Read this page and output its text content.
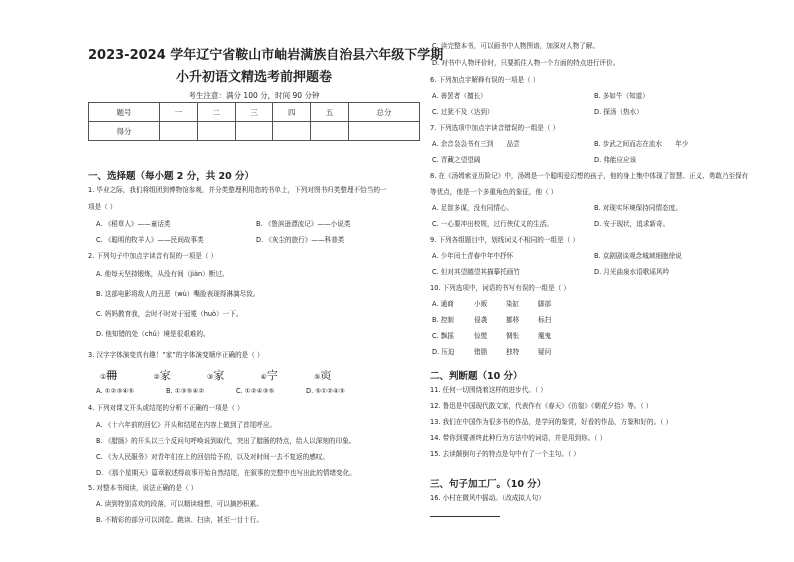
2023-2024 学年辽宁省鞍山市岫岩满族自治县六年级下学期
小升初语文精选考前押题卷
考生注意：满分 100 分，时间 90 分钟
题号	一	二	三	四	五	总分
得分						
一、选择题（每小题 2 分，共 20 分）
1. 毕业之际，我们将组团到博物馆参观，并分类整理利用您的书单上，下列对图书归类整理不恰当的一
项是（ ）
A. 《稻草人》——童话类	B. 《鲁滨逊漂流记》——小说类
C. 《聪明的牧羊人》——民间故事类	D. 《灰尘的旅行》——科普类
2. 下列句子中加点字读音有误的一项是（ ）
A. 他每天坚持锻炼，从没有间（jiàn）断过。
B. 这部电影将敌人的丑恶（wù）嘴脸表现得淋漓尽致。
C. 妈妈教育我，会时不时对于冠冕（huò）一下。
D. 他知错的处（chǔ）境是很艰难的。
3. 汉字字体演变真有趣！“家”的字体演变顺序正确的是（ ）
①𠕋	②家	③家	④𡧃	⑤𡩟
A. ①②③④⑤	B. ①③⑤④②	C. ①②④③⑤	D. ⑤①②④③
4. 下列对课文开头或结尾的分析不正确的一项是（ ）
A. 《十六年前的回忆》开头和结尾在内容上做到了首尾呼应。
B. 《腊肠》的开头以三个反问句呼唤说到取代，突出了腊肠的特点，给人以深刻的印象。
C. 《为人民服务》对青年们在上的回信给予的，以及对时间一去不复返的感叹。
D. 《那个星期天》篇章叙述得故事开始自然结尾，在叙事的完整中也写出此的情绪变化。
5. 对整本书阅读，说法正确的是（ ）
A. 读到特别喜欢的段落，可以精读细想，可以摘抄积累。
B. 不精彩的部分可以浏览、跳读、扫读，甚至一目十行。
C. 读完整本书，可以画书中人物图谱，加深对人物了解。
D. 对书中人物评价时，只要抓住人物一个方面的特点进行评价。
6. 下列加点字解释有误的一项是（ ）
A. 善罢者（擅长）	B. 多如牛（知道）
C. 过犹不及（达到）	D. 探汤（热水）
7. 下列选项中加点字读音错误的一组是（ ）
A. 余音袅袅书有三到　　品尝	B. 步武之间而志在流水　　年少
C. 青藏之望望阔	D. 弗能应应该
8. 在《汤姆索亚历险记》中，汤姆是一个聪明爱幻想的孩子，他的身上集中体现了智慧、正义、勇敢乃至保有
等优点，他是一个多重角色的象征，他（ ）
A. 足智多谋，没有同情心。	B. 对现实环境保持同情态度。
C. 一心要冲出校规，过行侠仗义的生活。	D. 安于现状，追求新奇。
9. 下列各组题目中，划线词义不相同的一组是（ ）
A. 少年闰土青春中年中抒怀	B. 京剧剧谈观念城域细胞徐说
C. 但对其望越望其描摹托画竹	D. 月光曲泉水语歌谣风吟
10. 下列选项中，词语的书写有误的一组是（ ）
A. 通商	小贩	染缸	脚部
B. 控制	侵袭	挪移	标扫
C. 飘摇	惊慌	惆怅	魔鬼
D. 压迫	错脂	独特	疑问
二、判断题（10 分）
11. 任何一切围绕着这样的进步代。（ ）
12. 鲁迅是中国现代散文家，代表作有《春天》《彷徨》《朝花夕拾》等。（ ）
13. 我们在中国作为很多书的作品，是学问的鉴赏，好看的作品，方鉴和好的。（ ）
14. 带你到要善终此种行为方法中的词语，并是用到你。（ ）
15. 去读颠倒句子的特点是句中有了一个主句。（ ）
三、句子加工厂。（10 分）
16. 小村在微风中摇动。（改成拟人句）
